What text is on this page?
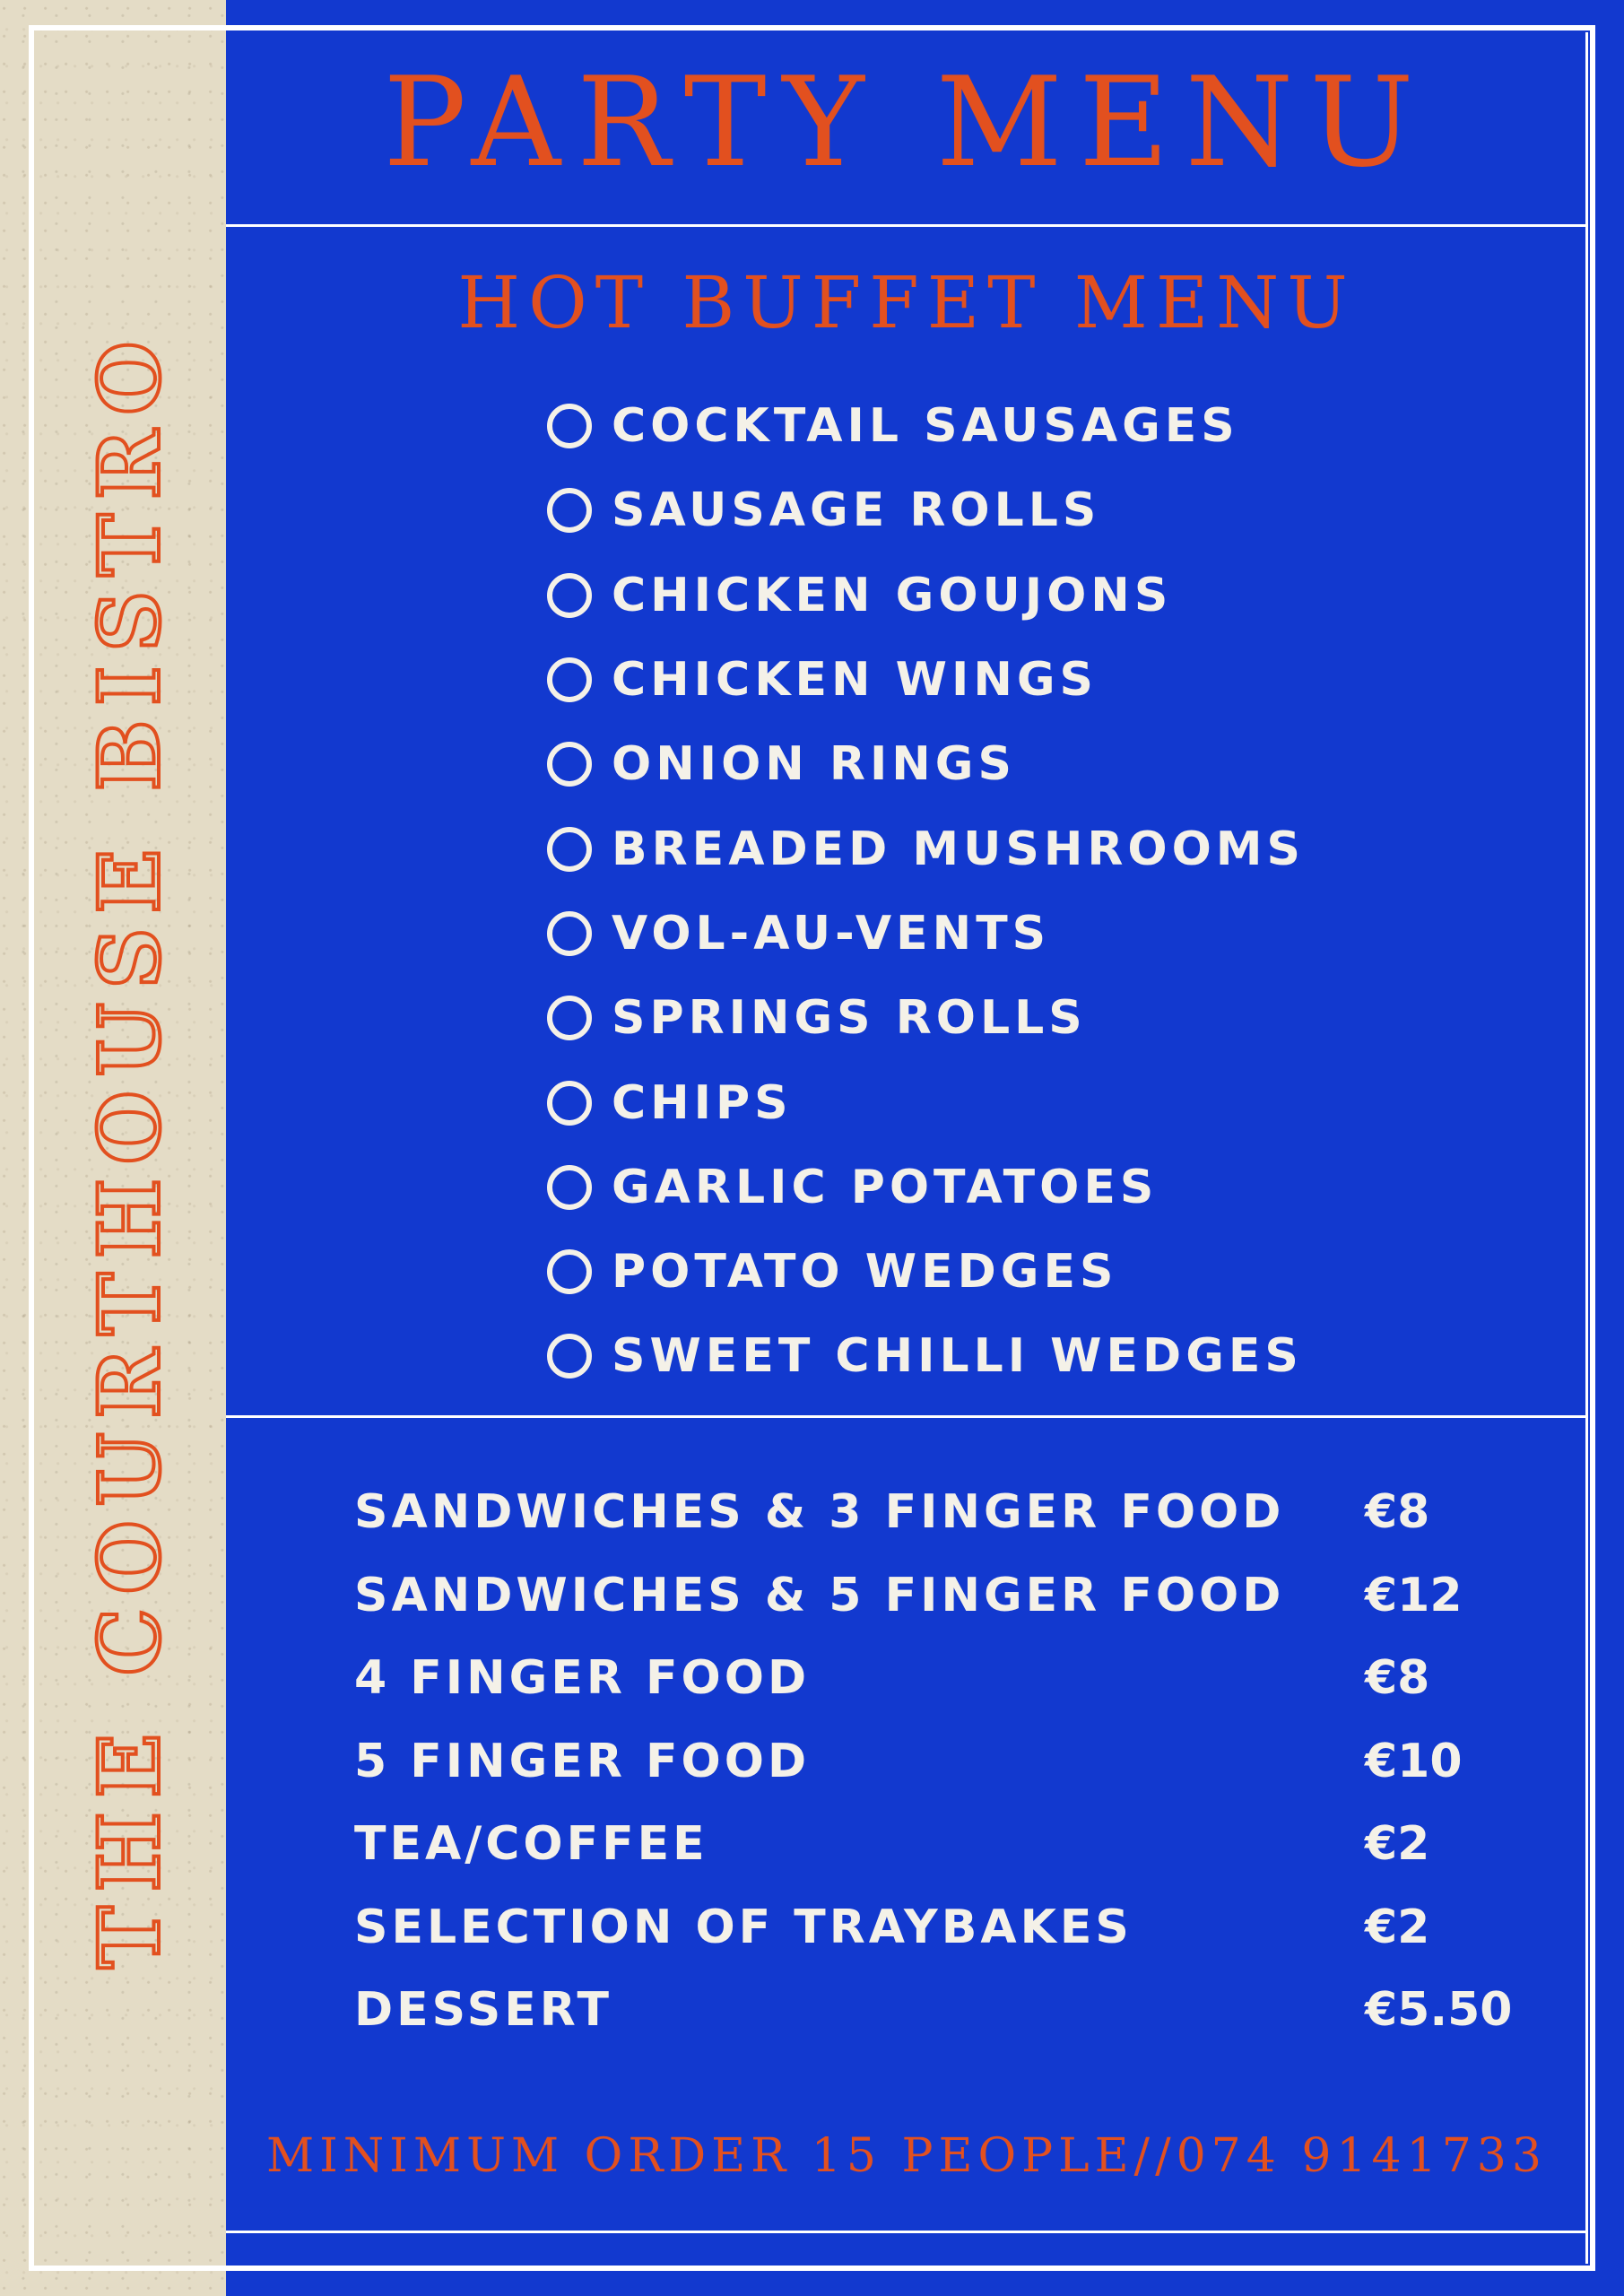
THE COURTHOUSE BISTRO
PARTY MENU
HOT BUFFET MENU
COCKTAIL SAUSAGES
SAUSAGE ROLLS
CHICKEN GOUJONS
CHICKEN WINGS
ONION RINGS
BREADED MUSHROOMS
VOL-AU-VENTS
SPRINGS ROLLS
CHIPS
GARLIC POTATOES
POTATO WEDGES
SWEET CHILLI WEDGES
SANDWICHES & 3 FINGER FOOD €8
SANDWICHES & 5 FINGER FOOD €12
4 FINGER FOOD	€8
5 FINGER FOOD	€10
TEA/COFFEE	€2
SELECTION OF TRAYBAKES	€2
DESSERT	€5.50
MINIMUM ORDER 15 PEOPLE//074 9141733
